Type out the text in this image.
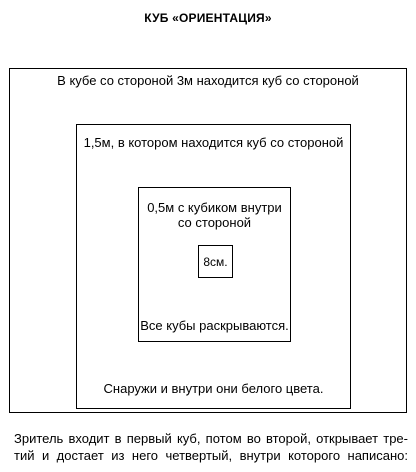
КУБ «ОРИЕНТАЦИЯ»
В кубе со стороной 3м находится куб со стороной
1,5м, в котором находится куб со стороной
Снаружи и внутри они белого цвета.
0,5м с кубиком внутри со стороной
Все кубы раскрываются.
8см.
Зритель входит в первый куб, потом во второй, открывает тре-
тий и достает из него четвертый, внутри которого написано:
